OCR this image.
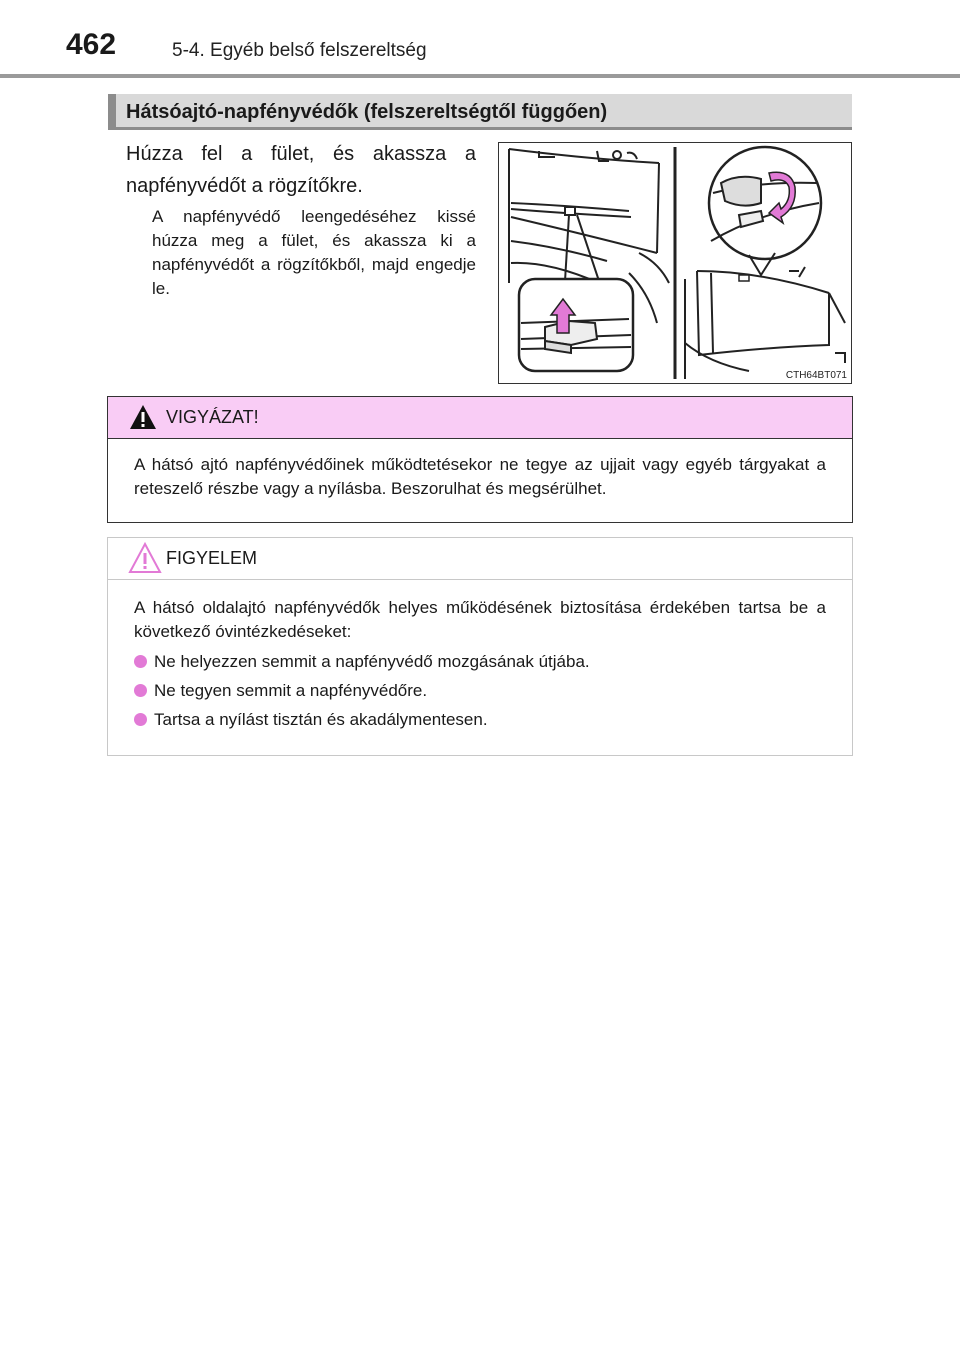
462	5-4. Egyéb belső felszereltség
Hátsóajtó-napfényvédők (felszereltségtől függően)
Húzza fel a fület, és akassza a napfényvédőt a rögzítőkre.
A napfényvédő leengedéséhez kissé húzza meg a fület, és akassza ki a napfényvédőt a rögzítőkből, majd engedje le.
CTH64BT071
VIGYÁZAT!
A hátsó ajtó napfényvédőinek működtetésekor ne tegye az ujjait vagy egyéb tárgyakat a reteszelő részbe vagy a nyílásba. Beszorulhat és megsérülhet.
FIGYELEM
A hátsó oldalajtó napfényvédők helyes működésének biztosítása érdekében tartsa be a következő óvintézkedéseket:
Ne helyezzen semmit a napfényvédő mozgásának útjába.
Ne tegyen semmit a napfényvédőre.
Tartsa a nyílást tisztán és akadálymentesen.
